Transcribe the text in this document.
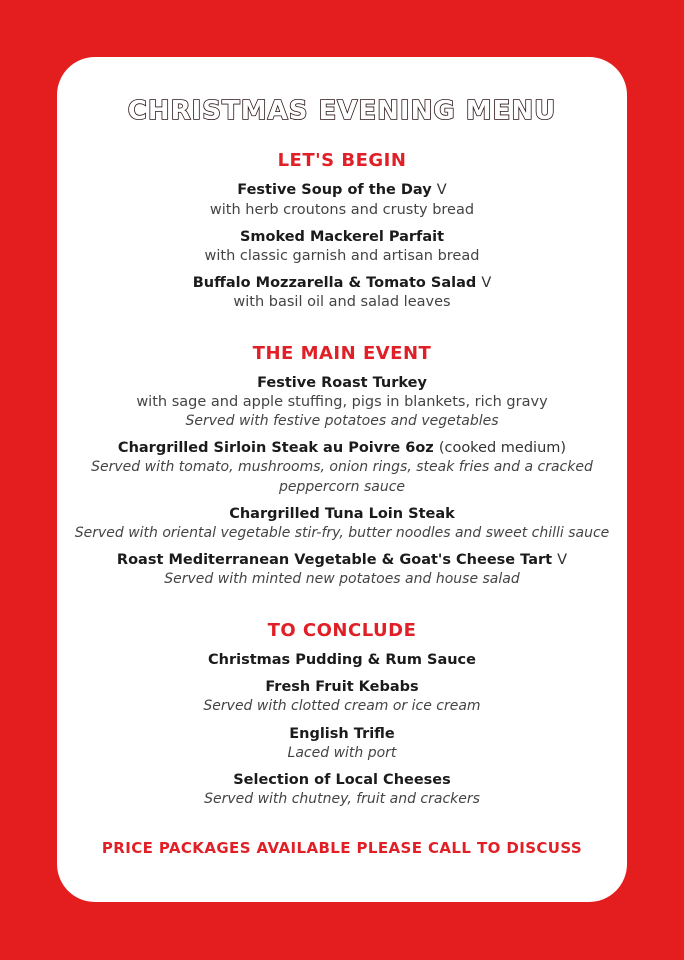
CHRISTMAS EVENING MENU
LET'S BEGIN
Festive Soup of the Day V
with herb croutons and crusty bread
Smoked Mackerel Parfait
with classic garnish and artisan bread
Buffalo Mozzarella & Tomato Salad V
with basil oil and salad leaves
THE MAIN EVENT
Festive Roast Turkey
with sage and apple stuffing, pigs in blankets, rich gravy
Served with festive potatoes and vegetables
Chargrilled Sirloin Steak au Poivre 6oz (cooked medium)
Served with tomato, mushrooms, onion rings, steak fries and a cracked
peppercorn sauce
Chargrilled Tuna Loin Steak
Served with oriental vegetable stir-fry, butter noodles and sweet chilli sauce
Roast Mediterranean Vegetable & Goat's Cheese Tart V
Served with minted new potatoes and house salad
TO CONCLUDE
Christmas Pudding & Rum Sauce
Fresh Fruit Kebabs
Served with clotted cream or ice cream
English Trifle
Laced with port
Selection of Local Cheeses
Served with chutney, fruit and crackers
PRICE PACKAGES AVAILABLE PLEASE CALL TO DISCUSS
